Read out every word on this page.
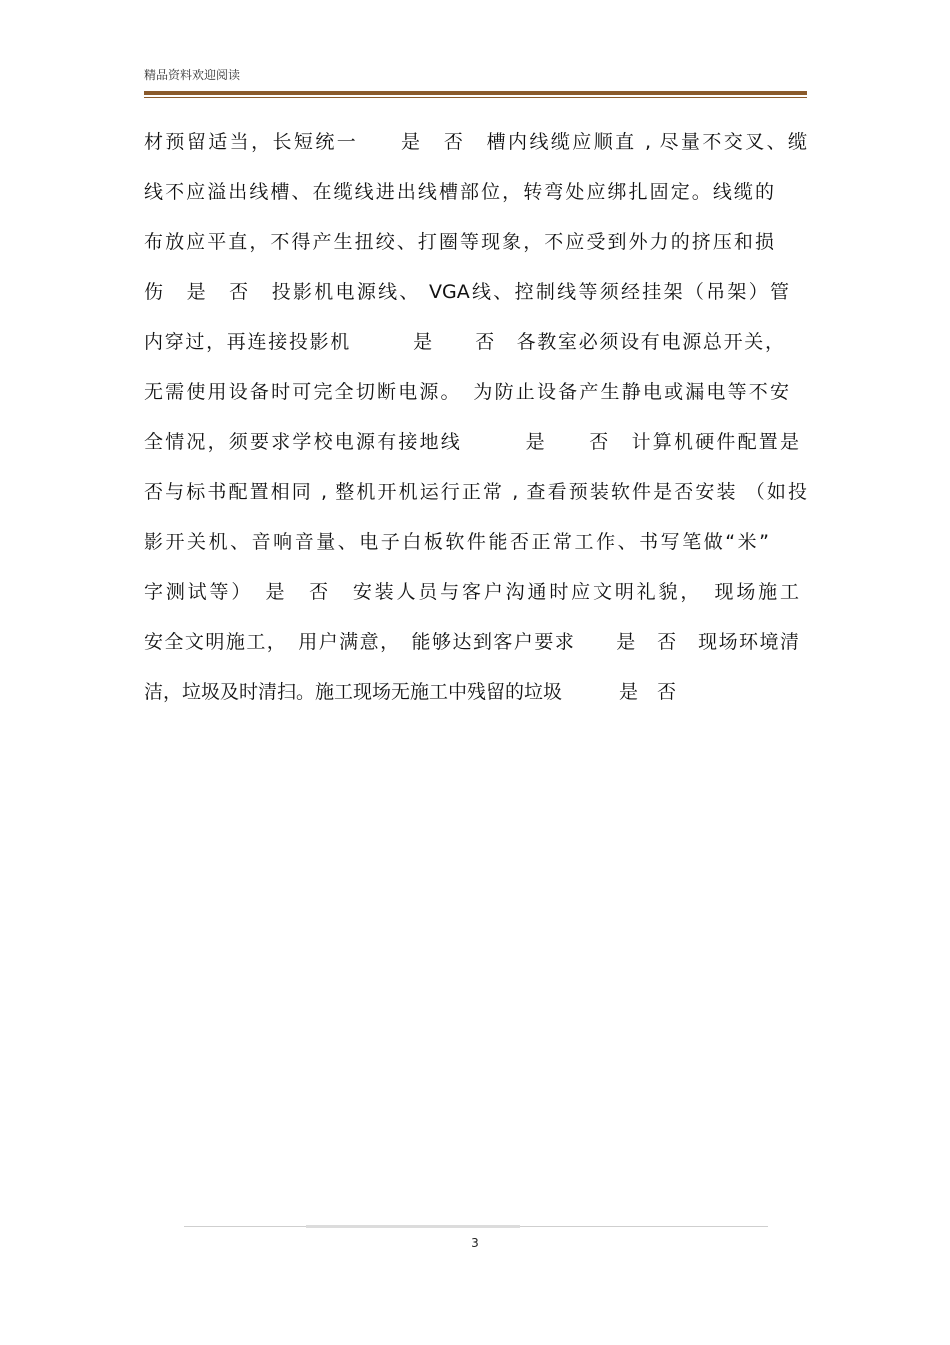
精品资料欢迎阅读
材预留适当，长短统一　　是　否　槽内线缆应顺直 , 尽量不交叉、缆
线不应溢出线槽、在缆线进出线槽部位，转弯处应绑扎固定。线缆的
布放应平直，不得产生扭绞、打圈等现象，不应受到外力的挤压和损
伤　是　否　投影机电源线、 VGA线、控制线等须经挂架（吊架）管
内穿过，再连接投影机　　　是　　否　各教室必须设有电源总开关，
无需使用设备时可完全切断电源。　为防止设备产生静电或漏电等不安
全情况，须要求学校电源有接地线　　　是　　否　计算机硬件配置是
否与标书配置相同 , 整机开机运行正常 , 查看预装软件是否安装 （如投
影开关机、音响音量、电子白板软件能否正常工作、书写笔做“米”
字测试等）　是　否　安装人员与客户沟通时应文明礼貌，　现场施工
安全文明施工，　用户满意，　能够达到客户要求　　是　否　现场环境清
洁，垃圾及时清扫。施工现场无施工中残留的垃圾　　　是　否
3
